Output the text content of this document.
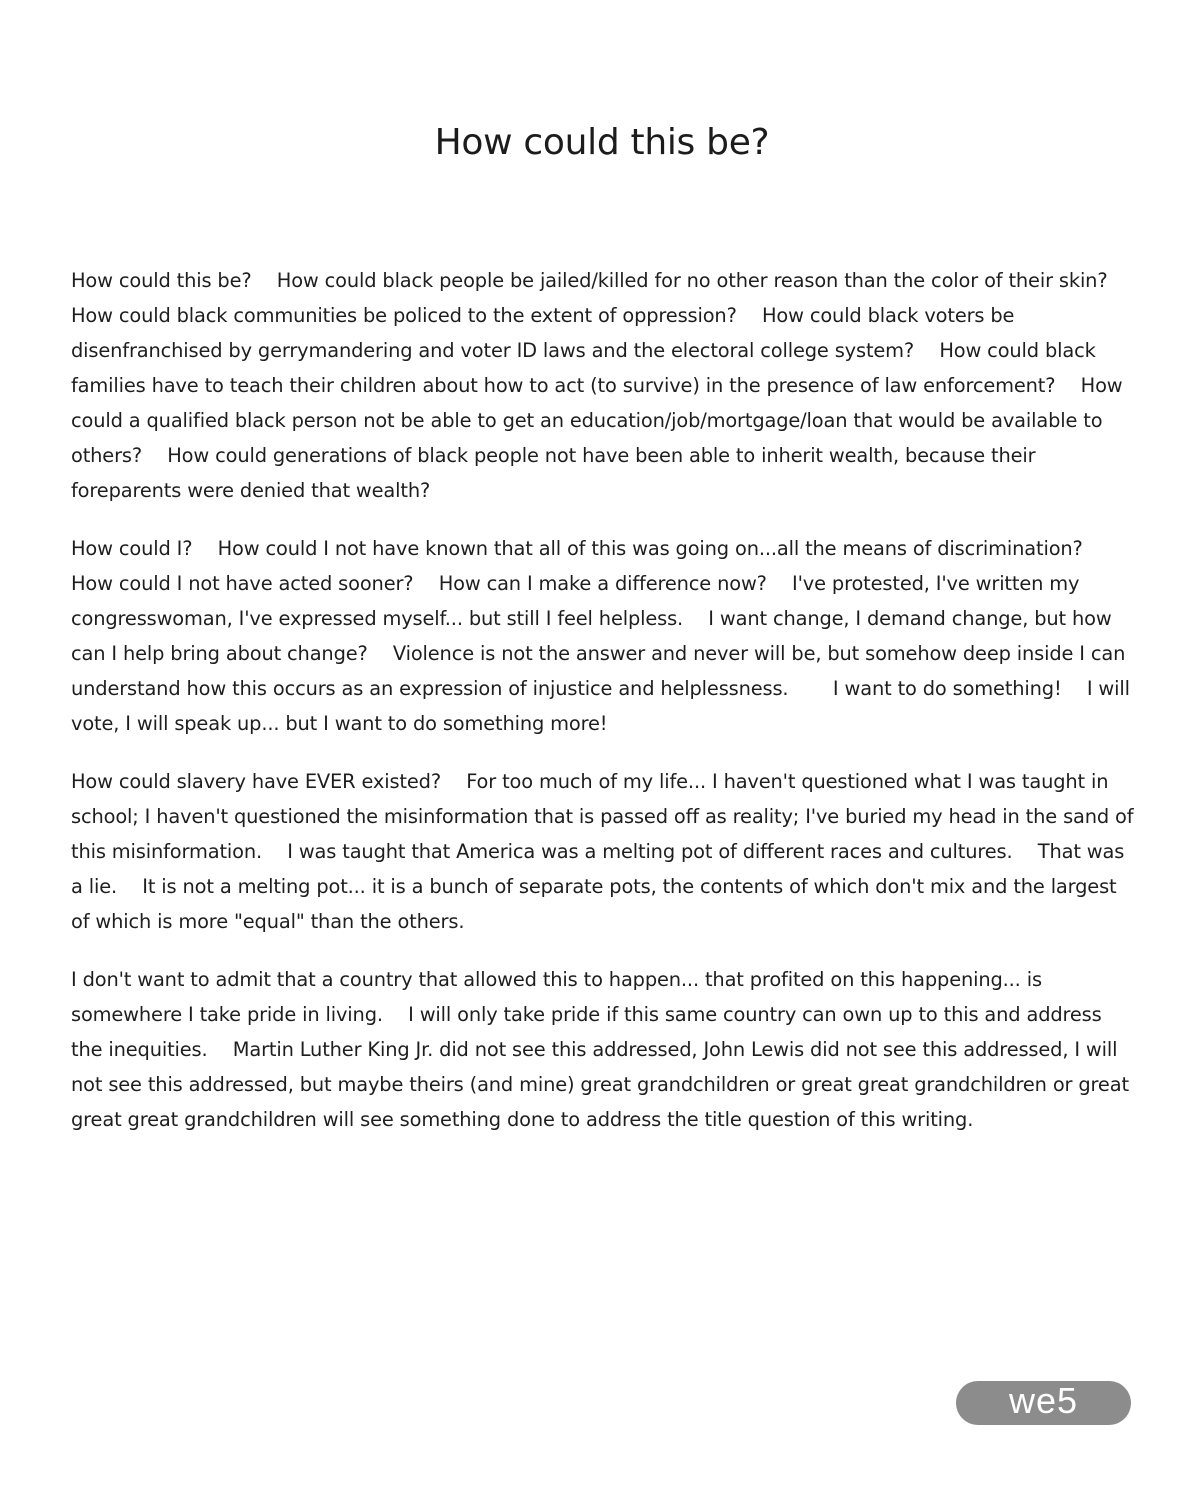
How could this be?

How could this be?  How could black people be jailed/killed for no other reason than the color of their skin?  How could black communities be policed to the extent of oppression?  How could black voters be disenfranchised by gerrymandering and voter ID laws and the electoral college system?  How could black families have to teach their children about how to act (to survive) in the presence of law enforcement?  How could a qualified black person not be able to get an education/job/mortgage/loan that would be available to others?  How could generations of black people not have been able to inherit wealth, because their foreparents were denied that wealth?

How could I?  How could I not have known that all of this was going on...all the means of discrimination?  How could I not have acted sooner?  How can I make a difference now?  I've protested, I've written my congresswoman, I've expressed myself... but still I feel helpless.  I want change, I demand change, but how can I help bring about change?  Violence is not the answer and never will be, but somehow deep inside I can understand how this occurs as an expression of injustice and helplessness.   I want to do something!  I will vote, I will speak up... but I want to do something more!

How could slavery have EVER existed?  For too much of my life... I haven't questioned what I was taught in school; I haven't questioned the misinformation that is passed off as reality; I've buried my head in the sand of this misinformation.  I was taught that America was a melting pot of different races and cultures.  That was a lie.  It is not a melting pot... it is a bunch of separate pots, the contents of which don't mix and the largest of which is more "equal" than the others.

I don't want to admit that a country that allowed this to happen... that profited on this happening... is somewhere I take pride in living.  I will only take pride if this same country can own up to this and address the inequities.  Martin Luther King Jr. did not see this addressed, John Lewis did not see this addressed, I will not see this addressed, but maybe theirs (and mine) great grandchildren or great great grandchildren or great great great grandchildren will see something done to address the title question of this writing.

we5
